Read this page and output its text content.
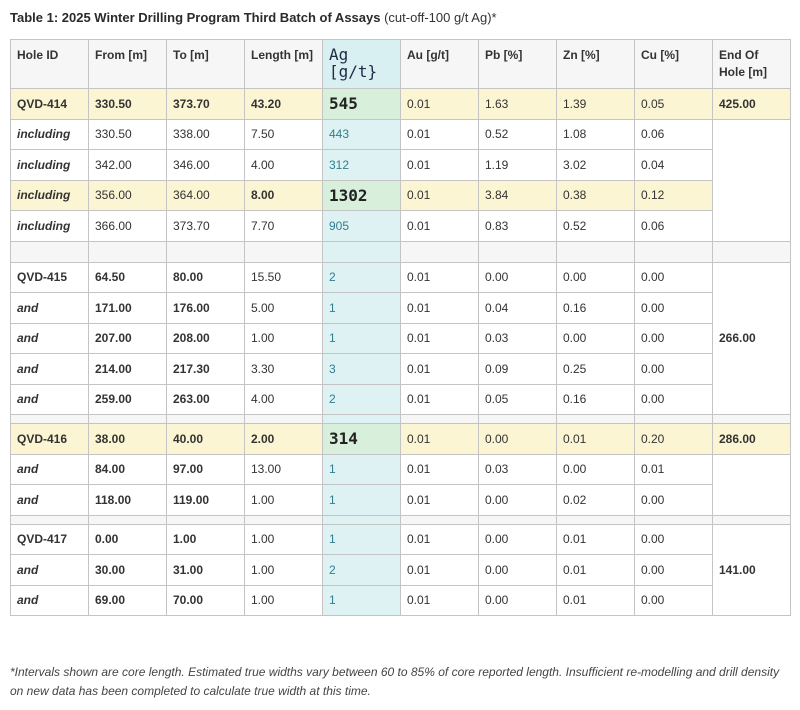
Table 1: 2025 Winter Drilling Program Third Batch of Assays (cut-off-100 g/t Ag)*
Hole ID	From [m]	To [m]	Length [m]	Ag [g/t}	Au [g/t]	Pb [%]	Zn [%]	Cu [%]	End Of Hole [m]
QVD-414	330.50	373.70	43.20	545	0.01	1.63	1.39	0.05	425.00
including	330.50	338.00	7.50	443	0.01	0.52	1.08	0.06	
including	342.00	346.00	4.00	312	0.01	1.19	3.02	0.04	
including	356.00	364.00	8.00	1302	0.01	3.84	0.38	0.12	
including	366.00	373.70	7.70	905	0.01	0.83	0.52	0.06	

QVD-415	64.50	80.00	15.50	2	0.01	0.00	0.00	0.00	266.00
and	171.00	176.00	5.00	1	0.01	0.04	0.16	0.00	
and	207.00	208.00	1.00	1	0.01	0.03	0.00	0.00	
and	214.00	217.30	3.30	3	0.01	0.09	0.25	0.00	
and	259.00	263.00	4.00	2	0.01	0.05	0.16	0.00	

QVD-416	38.00	40.00	2.00	314	0.01	0.00	0.01	0.20	286.00
and	84.00	97.00	13.00	1	0.01	0.03	0.00	0.01	
and	118.00	119.00	1.00	1	0.01	0.00	0.02	0.00	

QVD-417	0.00	1.00	1.00	1	0.01	0.00	0.01	0.00	141.00
and	30.00	31.00	1.00	2	0.01	0.00	0.01	0.00	
and	69.00	70.00	1.00	1	0.01	0.00	0.01	0.00	
*Intervals shown are core length. Estimated true widths vary between 60 to 85% of core reported length. Insufficient re-modelling and drill density on new data has been completed to calculate true width at this time.
